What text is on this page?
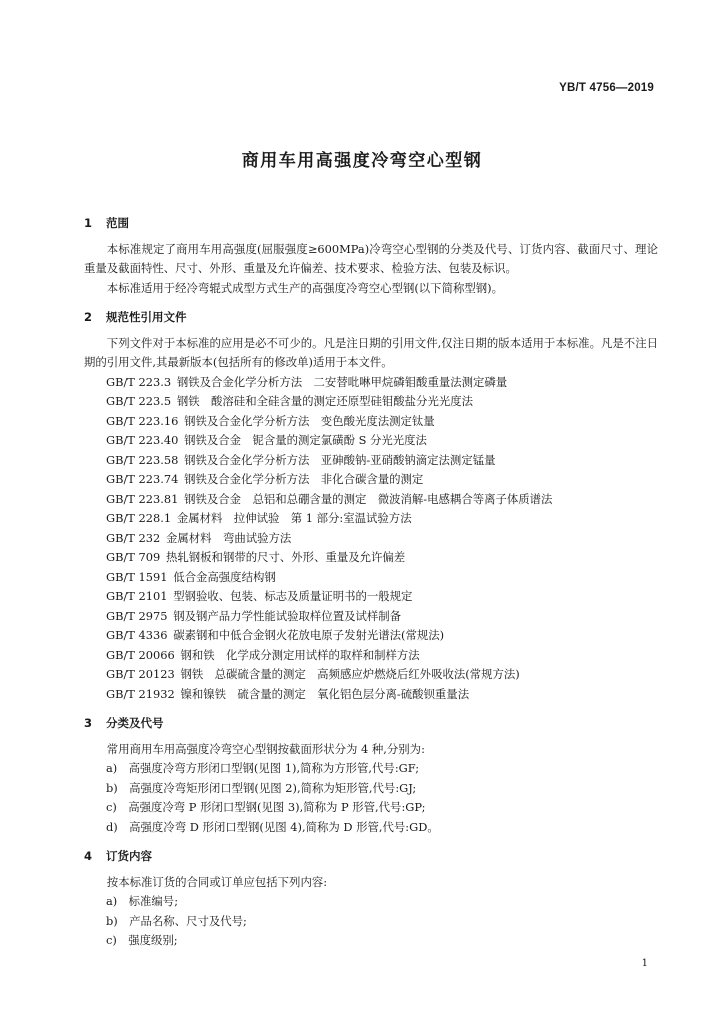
YB/T 4756—2019
商用车用高强度冷弯空心型钢
1 范围
本标准规定了商用车用高强度(屈服强度≥600MPa)冷弯空心型钢的分类及代号、订货内容、截面尺寸、理论重量及截面特性、尺寸、外形、重量及允许偏差、技术要求、检验方法、包装及标识。
本标准适用于经冷弯辊式成型方式生产的高强度冷弯空心型钢(以下简称型钢)。
2 规范性引用文件
下列文件对于本标准的应用是必不可少的。凡是注日期的引用文件,仅注日期的版本适用于本标准。凡是不注日期的引用文件,其最新版本(包括所有的修改单)适用于本文件。
GB/T 223.3  钢铁及合金化学分析方法　二安替吡啉甲烷磷钼酸重量法测定磷量
GB/T 223.5  钢铁　酸溶硅和全硅含量的测定还原型硅钼酸盐分光光度法
GB/T 223.16  钢铁及合金化学分析方法　变色酸光度法测定钛量
GB/T 223.40  钢铁及合金　铌含量的测定氯磺酚 S 分光光度法
GB/T 223.58  钢铁及合金化学分析方法　亚砷酸钠-亚硝酸钠滴定法测定锰量
GB/T 223.74  钢铁及合金化学分析方法　非化合碳含量的测定
GB/T 223.81  钢铁及合金　总铝和总硼含量的测定　微波消解-电感耦合等离子体质谱法
GB/T 228.1  金属材料　拉伸试验　第 1 部分:室温试验方法
GB/T 232  金属材料　弯曲试验方法
GB/T 709  热轧钢板和钢带的尺寸、外形、重量及允许偏差
GB/T 1591  低合金高强度结构钢
GB/T 2101  型钢验收、包装、标志及质量证明书的一般规定
GB/T 2975  钢及钢产品力学性能试验取样位置及试样制备
GB/T 4336  碳素钢和中低合金钢火花放电原子发射光谱法(常规法)
GB/T 20066  钢和铁　化学成分测定用试样的取样和制样方法
GB/T 20123  钢铁　总碳硫含量的测定　高频感应炉燃烧后红外吸收法(常规方法)
GB/T 21932  镍和镍铁　硫含量的测定　氧化铝色层分离-硫酸钡重量法
3 分类及代号
常用商用车用高强度冷弯空心型钢按截面形状分为 4 种,分别为:
a)　高强度冷弯方形闭口型钢(见图 1),简称为方形管,代号:GF;
b)　高强度冷弯矩形闭口型钢(见图 2),简称为矩形管,代号:GJ;
c)　高强度冷弯 P 形闭口型钢(见图 3),简称为 P 形管,代号:GP;
d)　高强度冷弯 D 形闭口型钢(见图 4),简称为 D 形管,代号:GD。
4 订货内容
按本标准订货的合同或订单应包括下列内容:
a)　标准编号;
b)　产品名称、尺寸及代号;
c)　强度级别;
1
